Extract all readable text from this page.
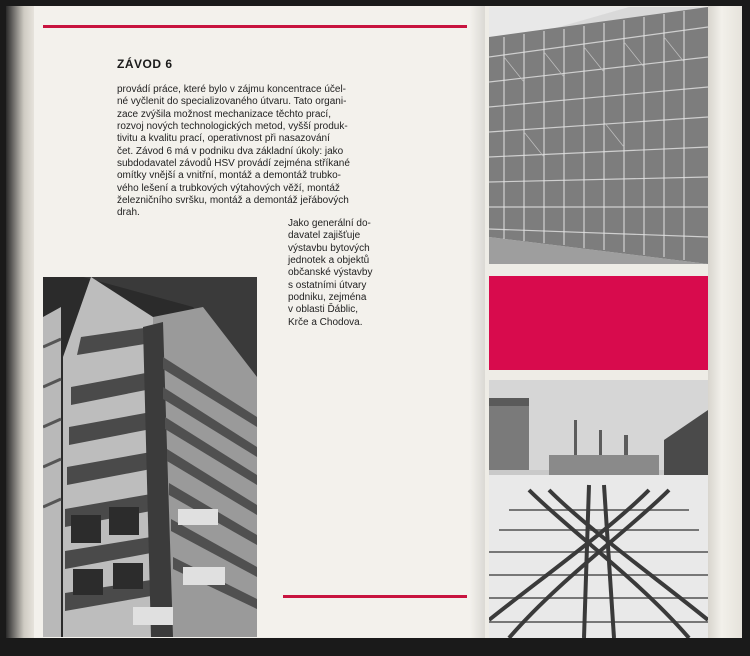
ZÁVOD 6
provádí práce, které bylo v zájmu koncentrace účel-
né vyčlenit do specializovaného útvaru. Tato organi-
zace zvýšila možnost mechanizace těchto prací,
rozvoj nových technologických metod, vyšší produk-
tivitu a kvalitu prací, operativnost při nasazování
čet. Závod 6 má v podniku dva základní úkoly: jako
subdodavatel závodů HSV provádí zejména stříkané
omítky vnější a vnitřní, montáž a demontáž trubko-
vého lešení a trubkových výtahových věží, montáž
železničního svršku, montáž a demontáž jeřábových
drah.
Jako generální do-
davatel zajišťuje
výstavbu bytových
jednotek a objektů
občanské výstavby
s ostatními útvary
podniku, zejména
v oblasti Ďáblic,
Krče a Chodova.
